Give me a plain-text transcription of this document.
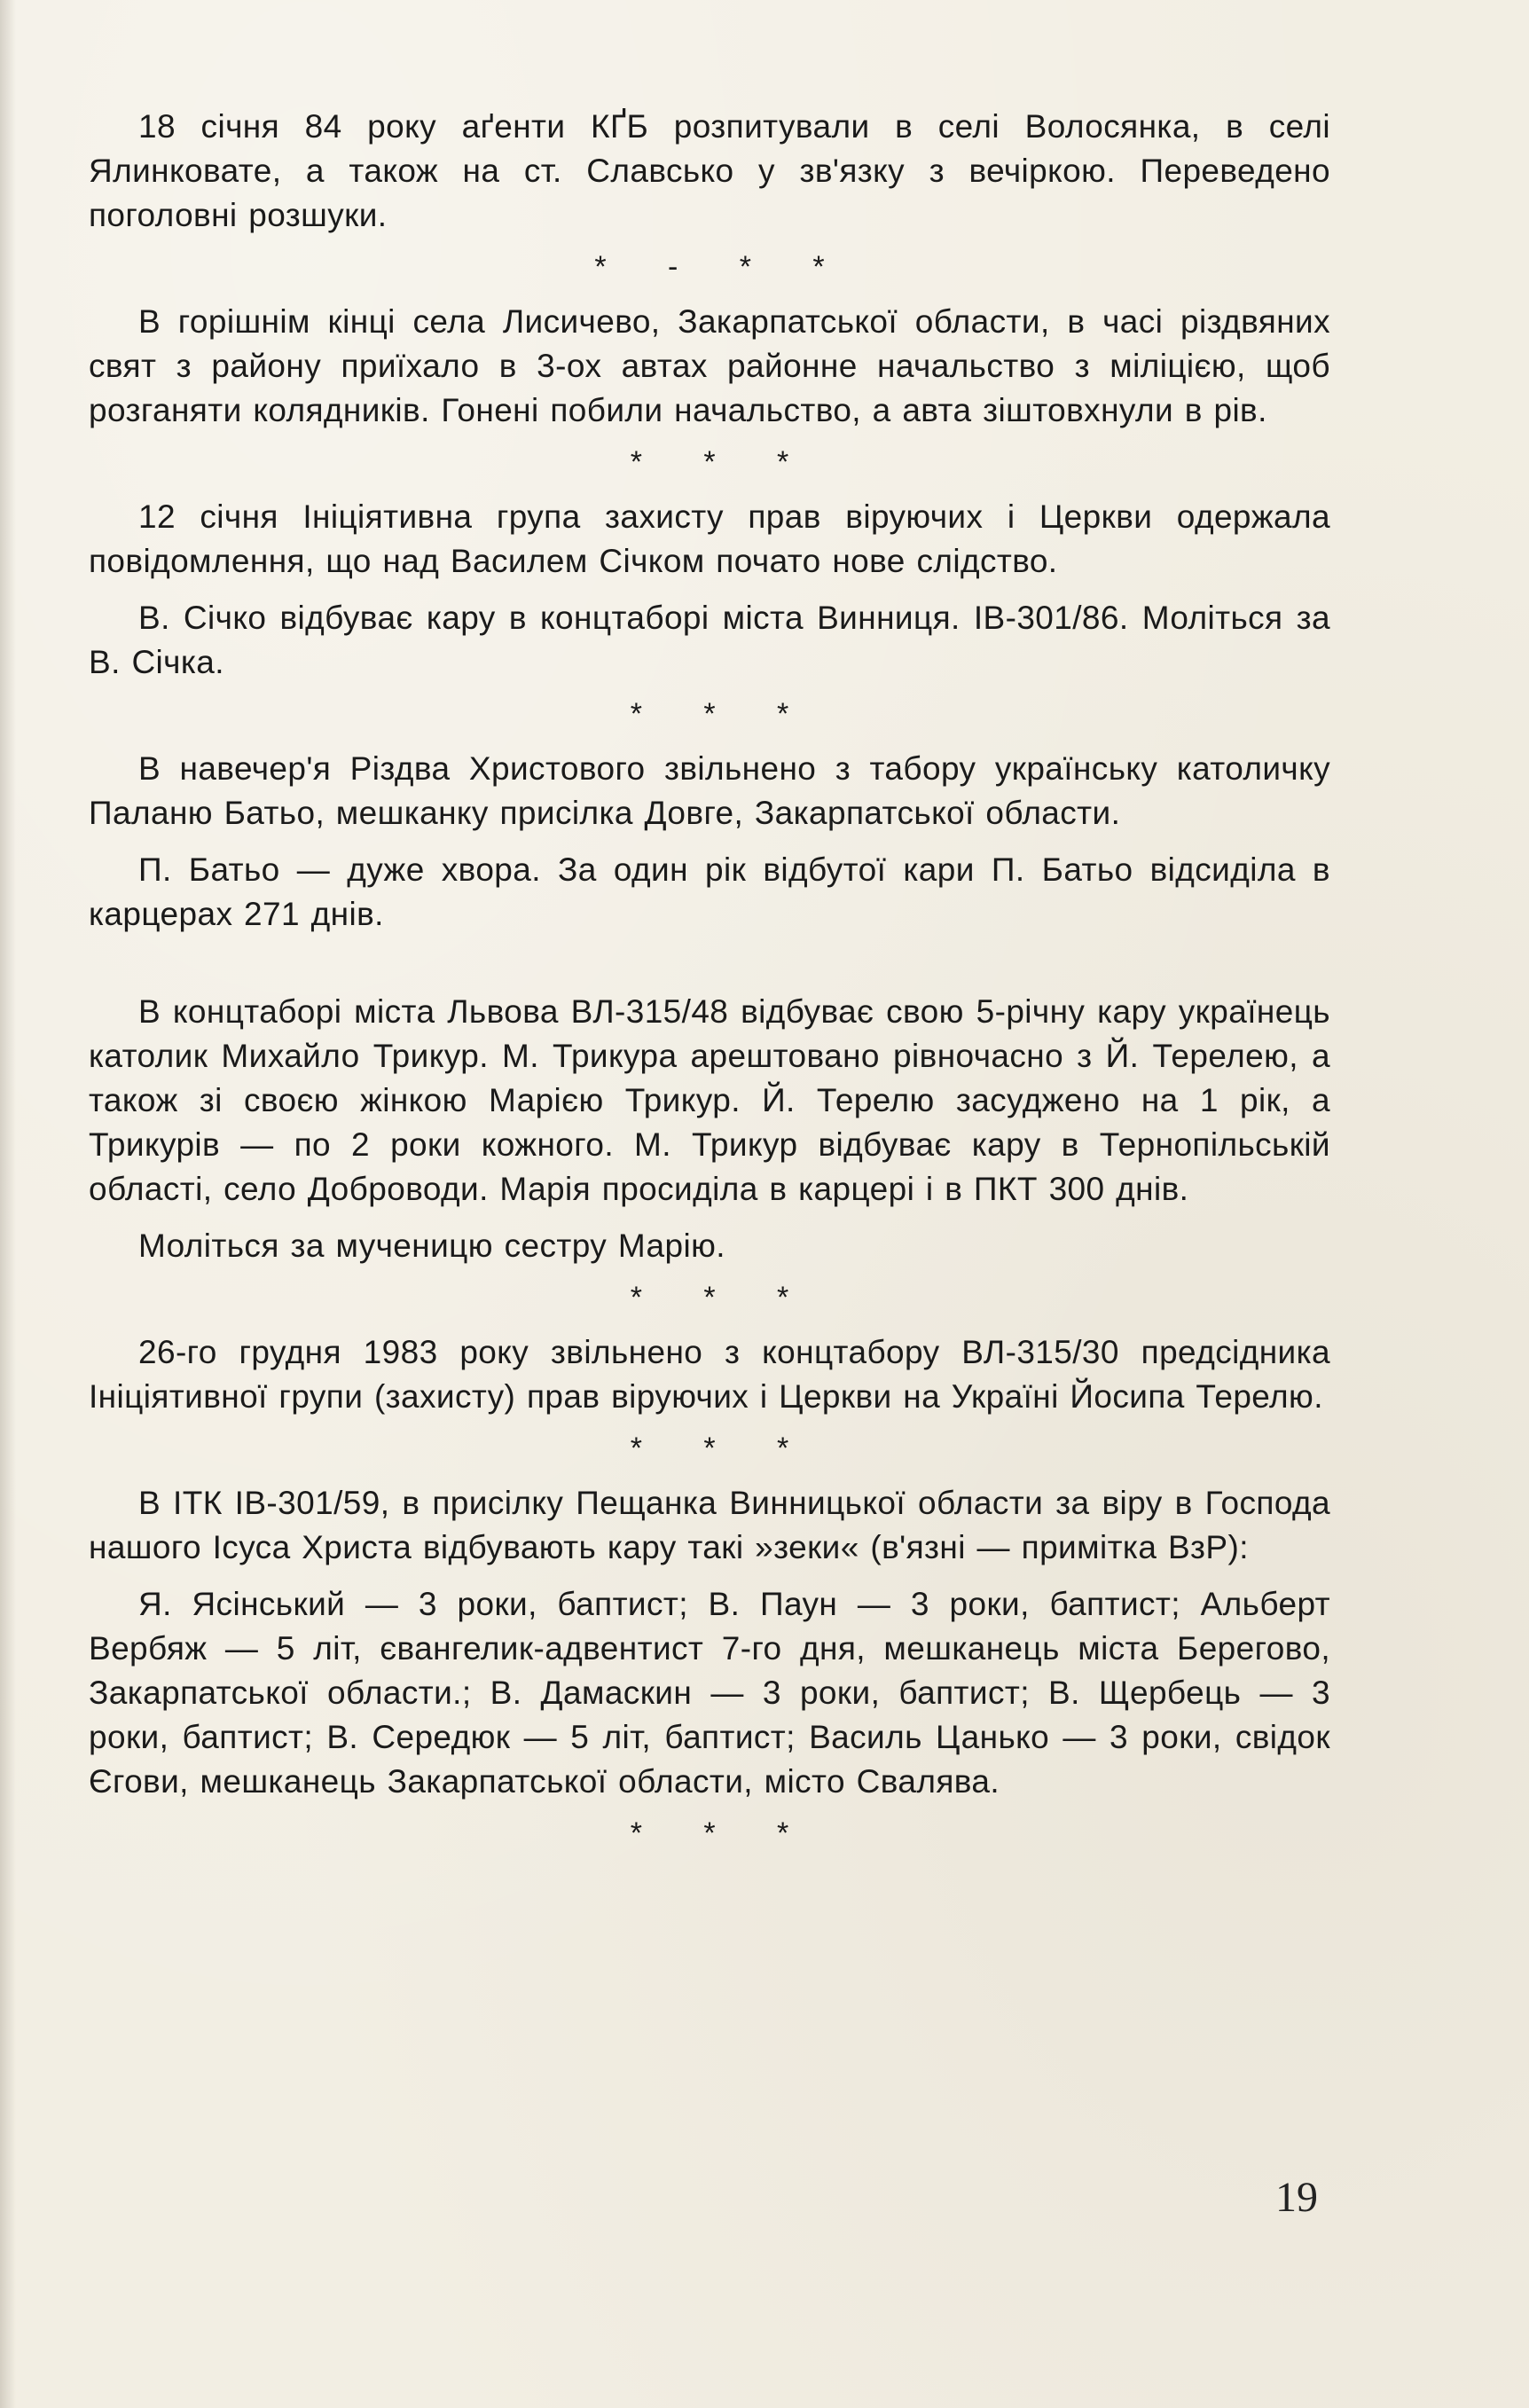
18 січня 84 року аґенти КҐБ розпитували в селі Волосянка, в селі Ялинковате, а також на ст. Славсько у зв'язку з вечіркою. Переведено поголовні розшуки.

* - * *

В горішнім кінці села Лисичево, Закарпатської области, в часі різдвяних свят з району приїхало в 3-ох автах районне начальство з міліцією, щоб розганяти колядників. Гонені побили начальство, а авта зіштовхнули в рів.

* * *

12 січня Ініціятивна група захисту прав віруючих і Церкви одержала повідомлення, що над Василем Січком почато нове слідство.

В. Січко відбуває кару в концтаборі міста Винниця. ІВ-301/86. Моліться за В. Січка.

* * *

В навечер'я Різдва Христового звільнено з табору українську католичку Паланю Батьо, мешканку присілка Довге, Закарпатської области.

П. Батьо — дуже хвора. За один рік відбутої кари П. Батьо відсиділа в карцерах 271 днів.

В концтаборі міста Львова ВЛ-315/48 відбуває свою 5-річну кару українець католик Михайло Трикур. М. Трикура арештовано рівночасно з Й. Терелею, а також зі своєю жінкою Марією Трикур. Й. Терелю засуджено на 1 рік, а Трикурів — по 2 роки кожного. М. Трикур відбуває кару в Тернопільській області, село Доброводи. Марія просиділа в карцері і в ПКТ 300 днів.

Моліться за мученицю сестру Марію.

* * *

26-го грудня 1983 року звільнено з концтабору ВЛ-315/30 предсідника Ініціятивної групи (захисту) прав віруючих і Церкви на Україні Йосипа Терелю.

* * *

В ІТК ІВ-301/59, в присілку Пещанка Винницької области за віру в Господа нашого Ісуса Христа відбувають кару такі »зеки« (в'язні — примітка ВзР):

Я. Ясінський — 3 роки, баптист; В. Паун — 3 роки, баптист; Альберт Вербяж — 5 літ, євангелик-адвентист 7-го дня, мешканець міста Берегово, Закарпатської области.; В. Дамаскин — 3 роки, баптист; В. Щербець — 3 роки, баптист; В. Середюк — 5 літ, баптист; Василь Цанько — 3 роки, свідок Єгови, мешканець Закарпатської области, місто Свалява.

* * *
19
